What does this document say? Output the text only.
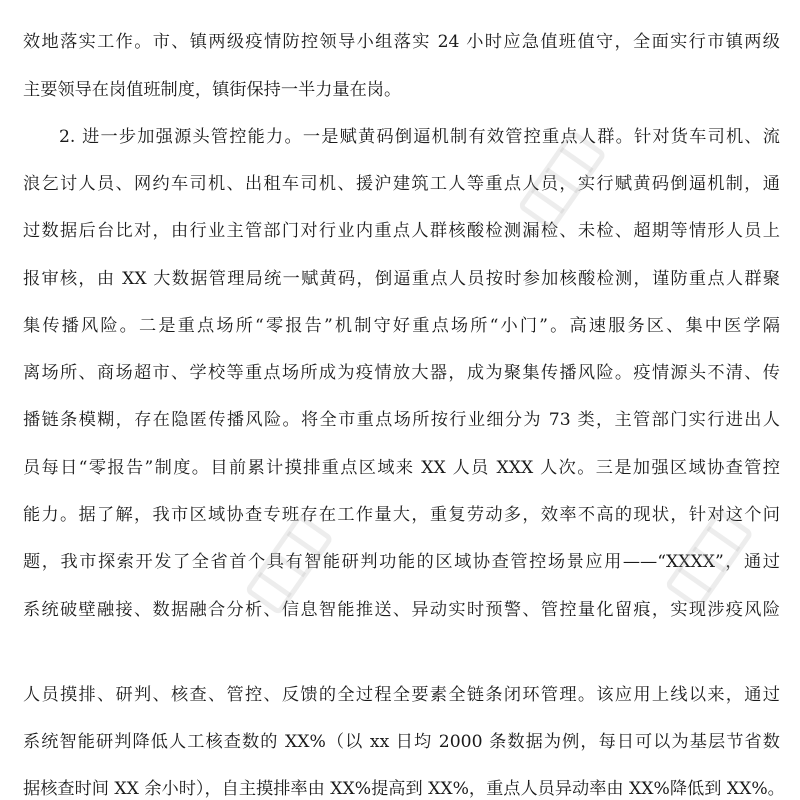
效地落实工作。市、镇两级疫情防控领导小组落实 24 小时应急值班值守，全面实行市镇两级
主要领导在岗值班制度，镇街保持一半力量在岗。
2. 进一步加强源头管控能力。一是赋黄码倒逼机制有效管控重点人群。针对货车司机、流
浪乞讨人员、网约车司机、出租车司机、援沪建筑工人等重点人员，实行赋黄码倒逼机制，通
过数据后台比对，由行业主管部门对行业内重点人群核酸检测漏检、未检、超期等情形人员上
报审核，由 XX 大数据管理局统一赋黄码，倒逼重点人员按时参加核酸检测，谨防重点人群聚
集传播风险。二是重点场所“零报告”机制守好重点场所“小门”。高速服务区、集中医学隔
离场所、商场超市、学校等重点场所成为疫情放大器，成为聚集传播风险。疫情源头不清、传
播链条模糊，存在隐匿传播风险。将全市重点场所按行业细分为 73 类，主管部门实行进出人
员每日“零报告”制度。目前累计摸排重点区域来 XX 人员 XXX 人次。三是加强区域协查管控
能力。据了解，我市区域协查专班存在工作量大，重复劳动多，效率不高的现状，针对这个问
题，我市探索开发了全省首个具有智能研判功能的区域协查管控场景应用——“XXXX”，通过
系统破壁融接、数据融合分析、信息智能推送、异动实时预警、管控量化留痕，实现涉疫风险
人员摸排、研判、核查、管控、反馈的全过程全要素全链条闭环管理。该应用上线以来，通过
系统智能研判降低人工核查数的 XX%（以 xx 日均 2000 条数据为例，每日可以为基层节省数
据核查时间 XX 余小时），自主摸排率由 XX%提高到 XX%，重点人员异动率由 XX%降低到 XX%。
